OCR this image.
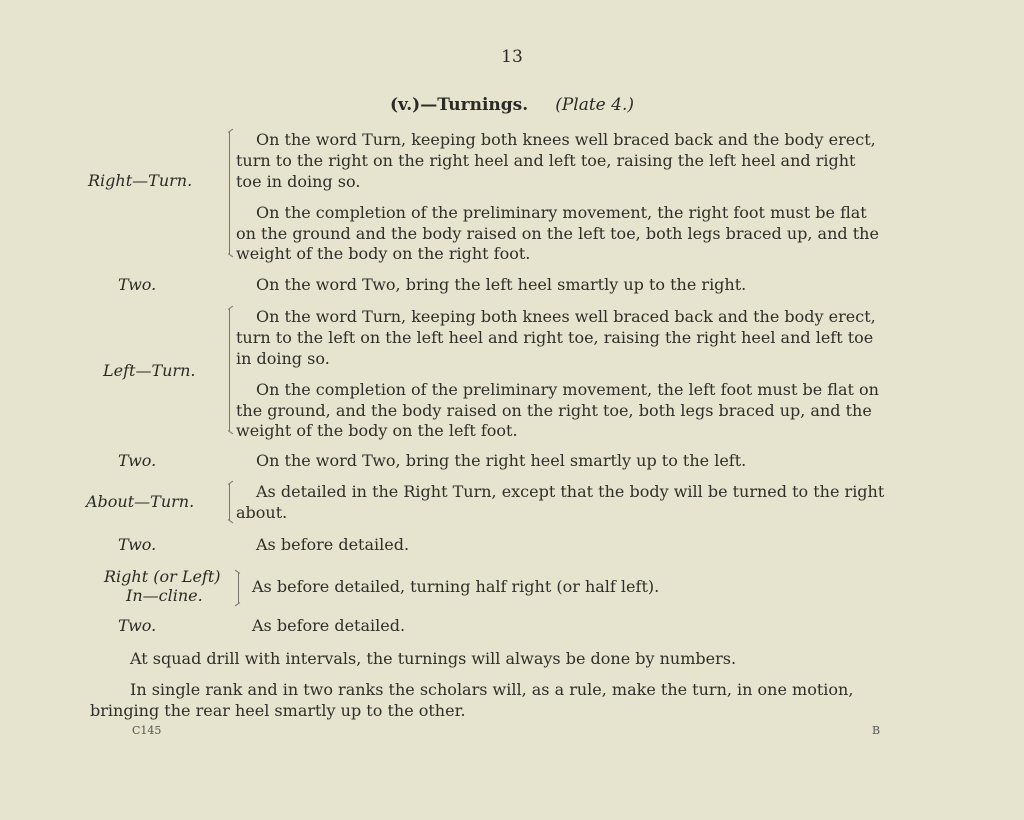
13
(v.)—Turnings. (Plate 4.)
Right—Turn.
On the word Turn, keeping both knees well braced back and the body erect,
turn to the right on the right heel and left toe, raising the left heel and right
toe in doing so.
On the completion of the preliminary movement, the right foot must be flat
on the ground and the body raised on the left toe, both legs braced up, and the
weight of the body on the right foot.
Two.	On the word Two, bring the left heel smartly up to the right.
Left—Turn.
On the word Turn, keeping both knees well braced back and the body erect,
turn to the left on the left heel and right toe, raising the right heel and left toe
in doing so.
On the completion of the preliminary movement, the left foot must be flat on
the ground, and the body raised on the right toe, both legs braced up, and the
weight of the body on the left foot.
Two.	On the word Two, bring the right heel smartly up to the left.
About—Turn.
As detailed in the Right Turn, except that the body will be turned to the right
about.
Two.	As before detailed.
Right (or Left)
In—cline.	As before detailed, turning half right (or half left).
Two.	As before detailed.
At squad drill with intervals, the turnings will always be done by numbers.
In single rank and in two ranks the scholars will, as a rule, make the turn, in one motion,
bringing the rear heel smartly up to the other.
C145	B
